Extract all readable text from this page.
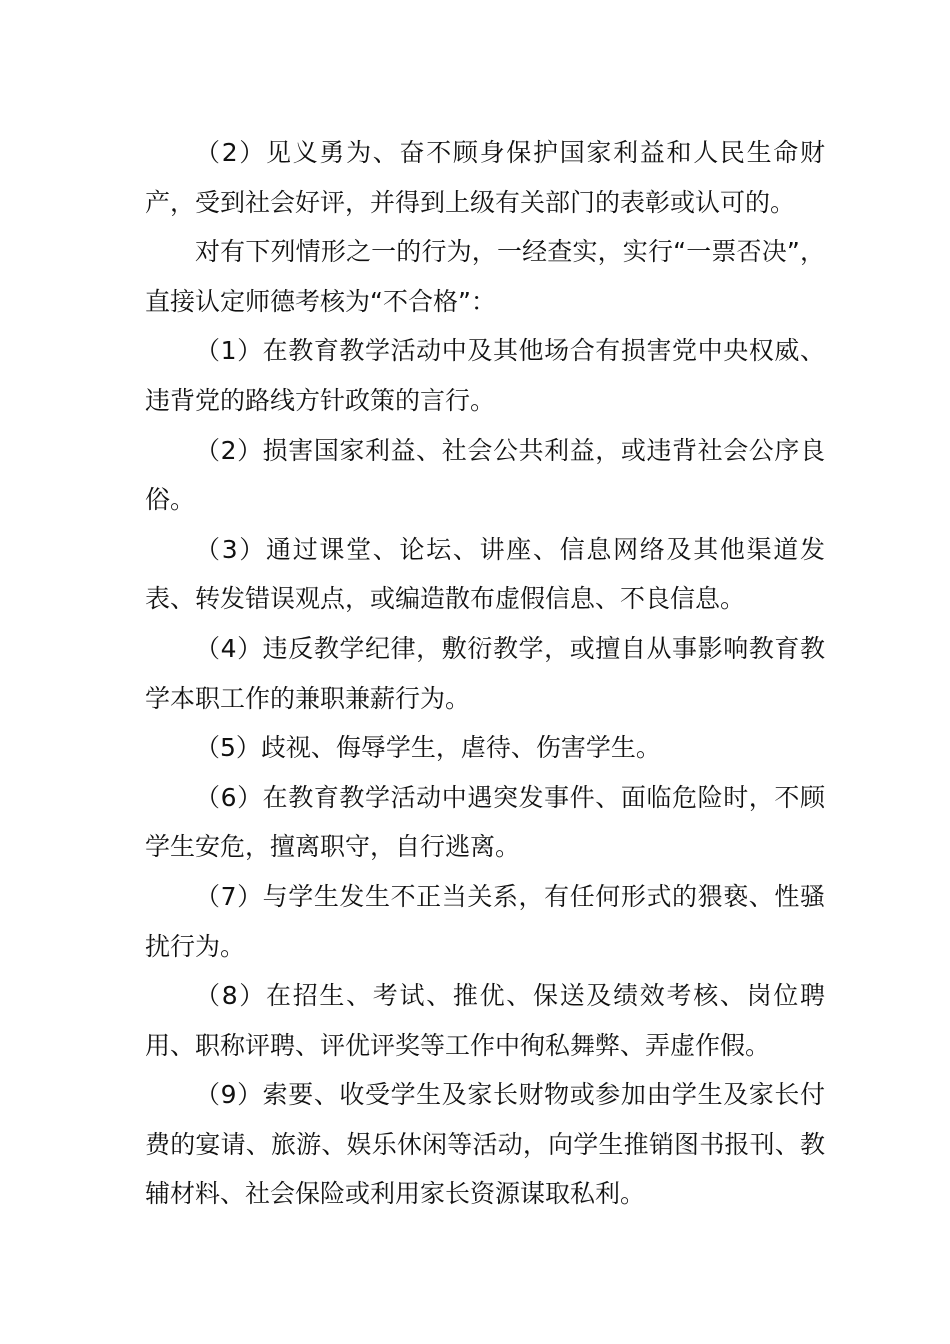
（2）见义勇为、奋不顾身保护国家利益和人民生命财产，受到社会好评，并得到上级有关部门的表彰或认可的。

对有下列情形之一的行为，一经查实，实行“一票否决”，直接认定师德考核为“不合格”：

（1）在教育教学活动中及其他场合有损害党中央权威、违背党的路线方针政策的言行。

（2）损害国家利益、社会公共利益，或违背社会公序良俗。

（3）通过课堂、论坛、讲座、信息网络及其他渠道发表、转发错误观点，或编造散布虚假信息、不良信息。

（4）违反教学纪律，敷衍教学，或擅自从事影响教育教学本职工作的兼职兼薪行为。

（5）歧视、侮辱学生，虐待、伤害学生。

（6）在教育教学活动中遇突发事件、面临危险时，不顾学生安危，擅离职守，自行逃离。

（7）与学生发生不正当关系，有任何形式的猥亵、性骚扰行为。

（8）在招生、考试、推优、保送及绩效考核、岗位聘用、职称评聘、评优评奖等工作中徇私舞弊、弄虚作假。

（9）索要、收受学生及家长财物或参加由学生及家长付费的宴请、旅游、娱乐休闲等活动，向学生推销图书报刊、教辅材料、社会保险或利用家长资源谋取私利。
